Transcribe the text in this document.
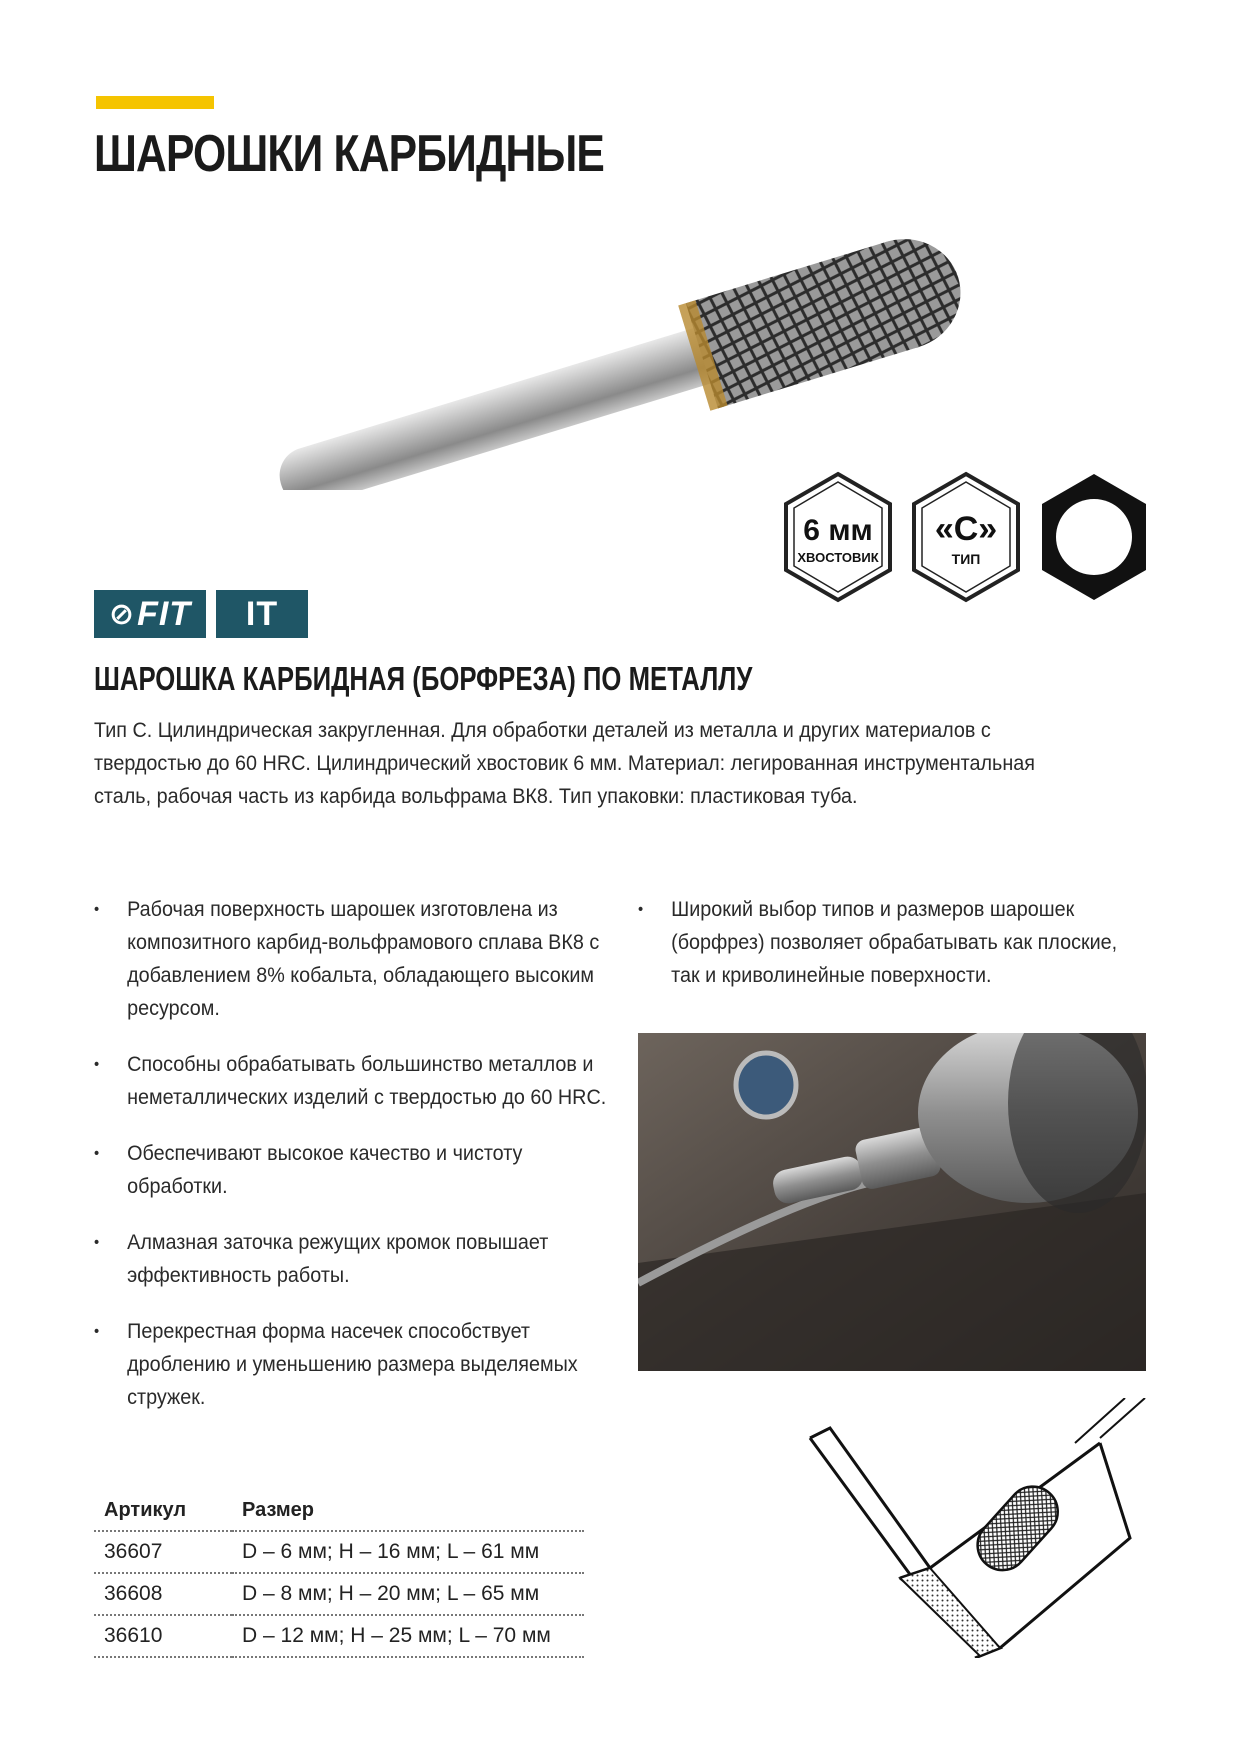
ШАРОШКИ КАРБИДНЫЕ
6 мм
ХВОСТОВИК
«C»
ТИП
⊘ FIT	IT
ШАРОШКА КАРБИДНАЯ (БОРФРЕЗА) ПО МЕТАЛЛУ

Тип С. Цилиндрическая закругленная. Для обработки деталей из металла и других материалов с твердостью до 60 HRC. Цилиндрический хвостовик 6 мм. Материал: легированная инструментальная сталь, рабочая часть из карбида вольфрама ВК8. Тип упаковки: пластиковая туба.

• Рабочая поверхность шарошек изготовлена из композитного карбид-вольфрамового сплава ВК8 с добавлением 8% кобальта, обладающего высоким ресурсом.
• Способны обрабатывать большинство металлов и неметаллических изделий с твердостью до 60 HRC.
• Обеспечивают высокое качество и чистоту обработки.
• Алмазная заточка режущих кромок повышает эффективность работы.
• Перекрестная форма насечек способствует дроблению и уменьшению размера выделяемых стружек.
• Широкий выбор типов и размеров шарошек (борфрез) позволяет обрабатывать как плоские, так и криволинейные поверхности.
Артикул	Размер
36607	D – 6 мм; H – 16 мм; L – 61 мм
36608	D – 8 мм; H – 20 мм; L – 65 мм
36610	D – 12 мм; H – 25 мм; L – 70 мм
